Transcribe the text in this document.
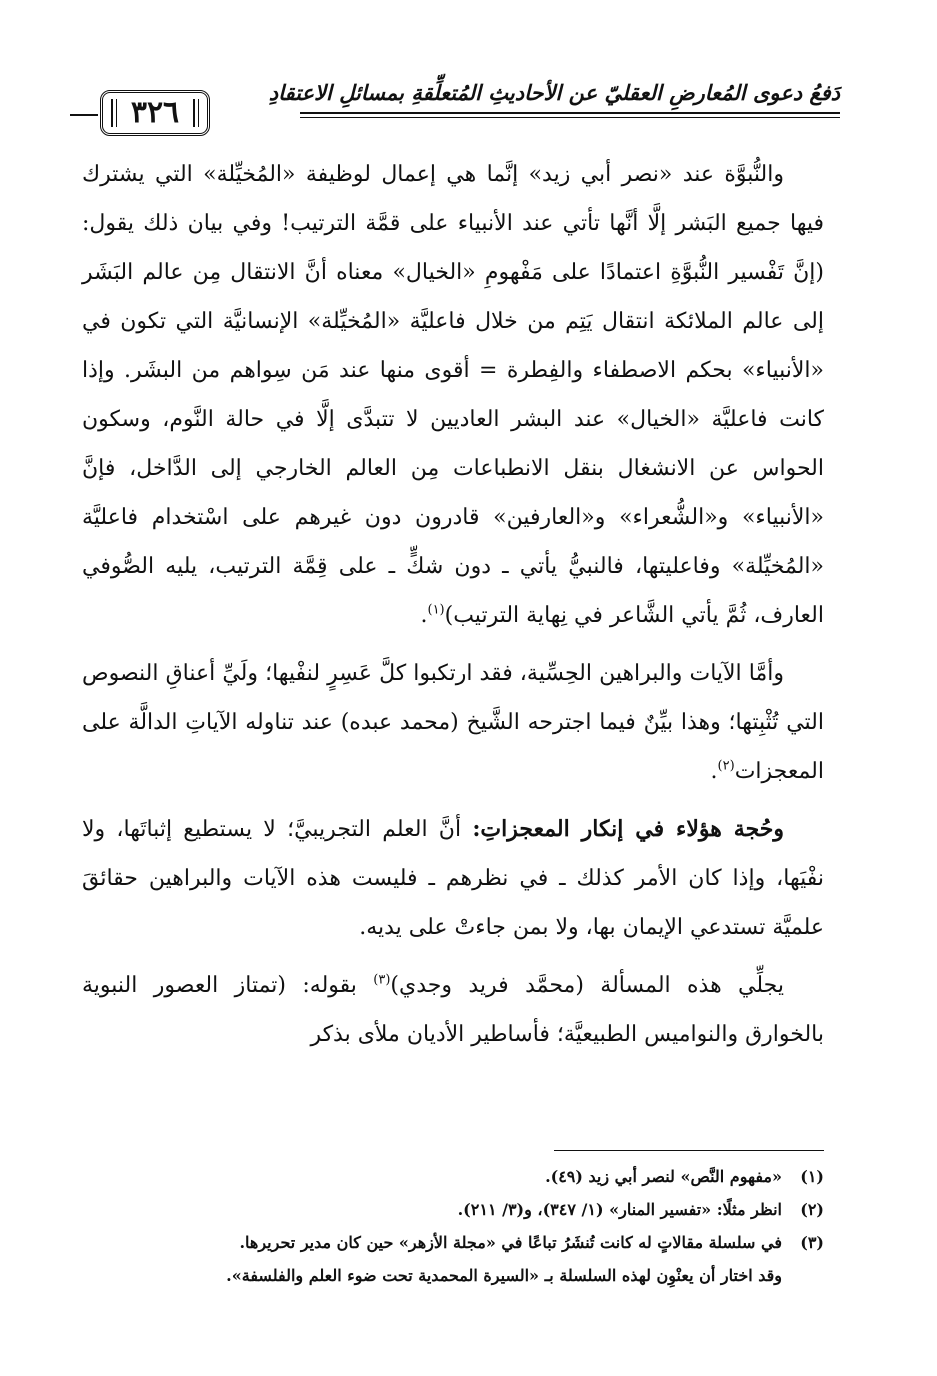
دَفعُ دعوى المُعارضِ العقليّ عن الأحاديثِ المُتعلِّقةِ بمسائلِ الاعتقادِ
٣٢٦

والنُّبوَّة عند «نصر أبي زيد» إنَّما هي إعمال لوظيفة «المُخيِّلة» التي يشترك فيها جميع البَشر إلَّا أنَّها تأتي عند الأنبياء على قمَّة الترتيب! وفي بيان ذلك يقول: (إنَّ تَفْسير النُّبوَّةِ اعتمادًا على مَفْهومِ «الخيال» معناه أنَّ الانتقال مِن عالم البَشَر إلى عالم الملائكة انتقال يَتِم من خلال فاعليَّة «المُخيِّلة» الإنسانيَّة التي تكون في «الأنبياء» بحكم الاصطفاء والفِطرة = أقوى منها عند مَن سِواهم من البشَر. وإذا كانت فاعليَّة «الخيال» عند البشر العاديين لا تتبدَّى إلَّا في حالة النَّوم، وسكون الحواس عن الانشغال بنقل الانطباعات مِن العالم الخارجي إلى الدَّاخل، فإنَّ «الأنبياء» و«الشُّعراء» و«العارفين» قادرون دون غيرهم على اسْتخدام فاعليَّة «المُخيِّلة» وفاعليتها، فالنبيُّ يأتي ـ دون شكٍّ ـ على قِمَّة الترتيب، يليه الصُّوفي العارف، ثُمَّ يأتي الشَّاعر في نِهاية الترتيب)$^{(١)}$.

وأمَّا الآيات والبراهين الحِسِّية، فقد ارتكبوا كلَّ عَسِرٍ لنفْيها؛ ولَيِّ أعناقِ النصوص التي تُثْبِتها؛ وهذا بيِّنٌ فيما اجترحه الشَّيخ (محمد عبده) عند تناوله الآياتِ الدالَّة على المعجزات$^{(٢)}$.

وحُجة هؤلاء في إنكار المعجزاتِ: أنَّ العلم التجريبيَّ؛ لا يستطيع إثباتَها، ولا نفْيَها، وإذا كان الأمر كذلك ـ في نظرهم ـ فليست هذه الآيات والبراهين حقائقَ علميَّة تستدعي الإيمان بها، ولا بمن جاءتْ على يديه.

يجلِّي هذه المسألة (محمَّد فريد وجدي)$^{(٣)}$ بقوله: (تمتاز العصور النبوية بالخوارق والنواميس الطبيعيَّة؛ فأساطير الأديان ملأى بذكر

(١)
«مفهوم النَّص» لنصر أبي زيد (٤٩).
(٢)
انظر مثلًا: «تفسير المنار» (١/ ٣٤٧)، و(٣/ ٢١١).
(٣)
في سلسلة مقالاتٍ له كانت تُنشَرُ تباعًا في «مجلة الأزهر» حين كان مدير تحريرها.
وقد اختار أن يعنْوِن لهذه السلسلة بـ «السيرة المحمدية تحت ضوء العلم والفلسفة».
